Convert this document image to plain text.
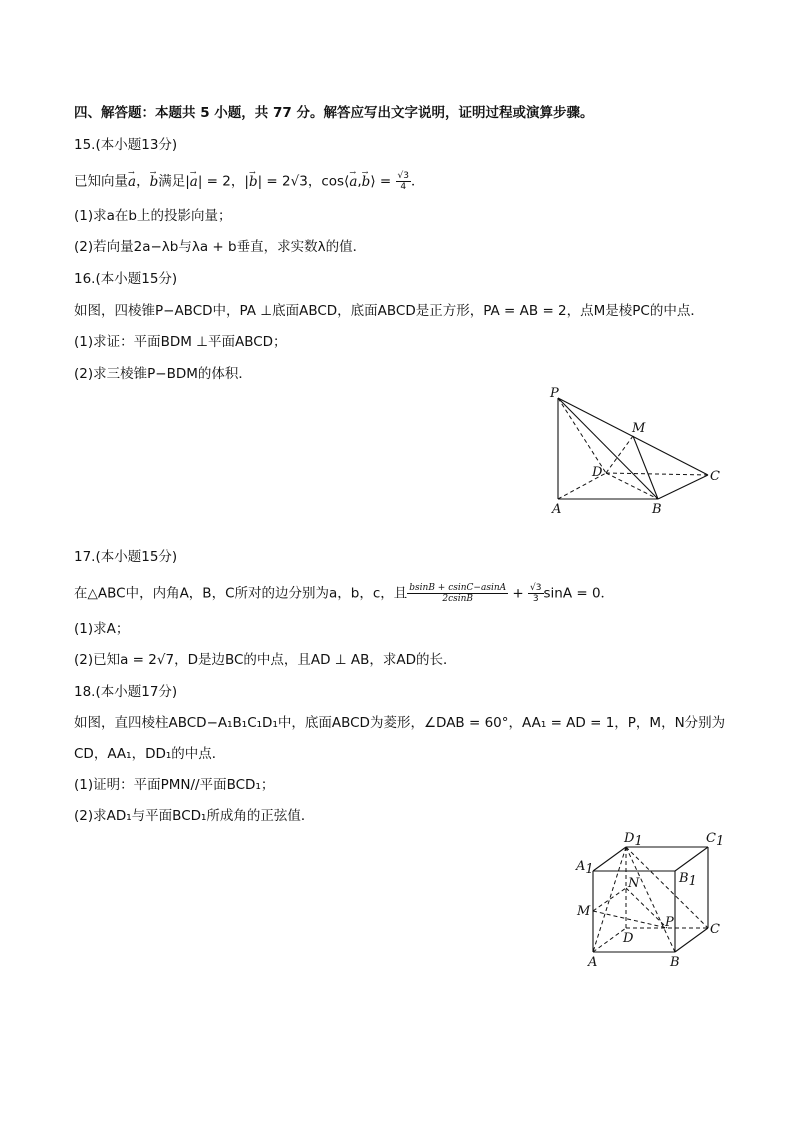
四、解答题：本题共 5 小题，共 77 分。解答应写出文字说明，证明过程或演算步骤。
15.(本小题13分)
已知向量→ a，→ b满足|→ a| = 2，|→ b| = 2√3，cos⟨→ a,→ b⟩ = $\frac{√3}{4}$ ．
(1)求a在b上的投影向量；
(2)若向量2a−λb与λa + b垂直，求实数λ的值．
16.(本小题15分)
如图，四棱锥P−ABCD中，PA ⊥底面ABCD，底面ABCD是正方形，PA = AB = 2，点M是棱PC的中点．
(1)求证：平面BDM ⊥平面ABCD；
(2)求三棱锥P−BDM的体积．
P
M
D	C
A	B
17.(本小题15分)
在△ABC中，内角A，B，C所对的边分别为a，b，c，且 $\frac{bsinB + csinC-asinA}{2csinB} + \frac{√3}{3}$ sinA = 0．
(1)求A；
(2)已知a = 2√7，D是边BC的中点，且AD ⊥ AB，求AD的长．
18.(本小题17分)
如图，直四棱柱ABCD−A₁B₁C₁D₁中，底面ABCD为菱形，∠DAB = 60°，AA₁ = AD = 1，P，M，N分别为
CD，AA₁，DD₁的中点．
(1)证明：平面PMN//平面BCD₁；
(2)求AD₁与平面BCD₁所成角的正弦值．
D1	C1
A1
B1
N
M
P
D
C
A	B
